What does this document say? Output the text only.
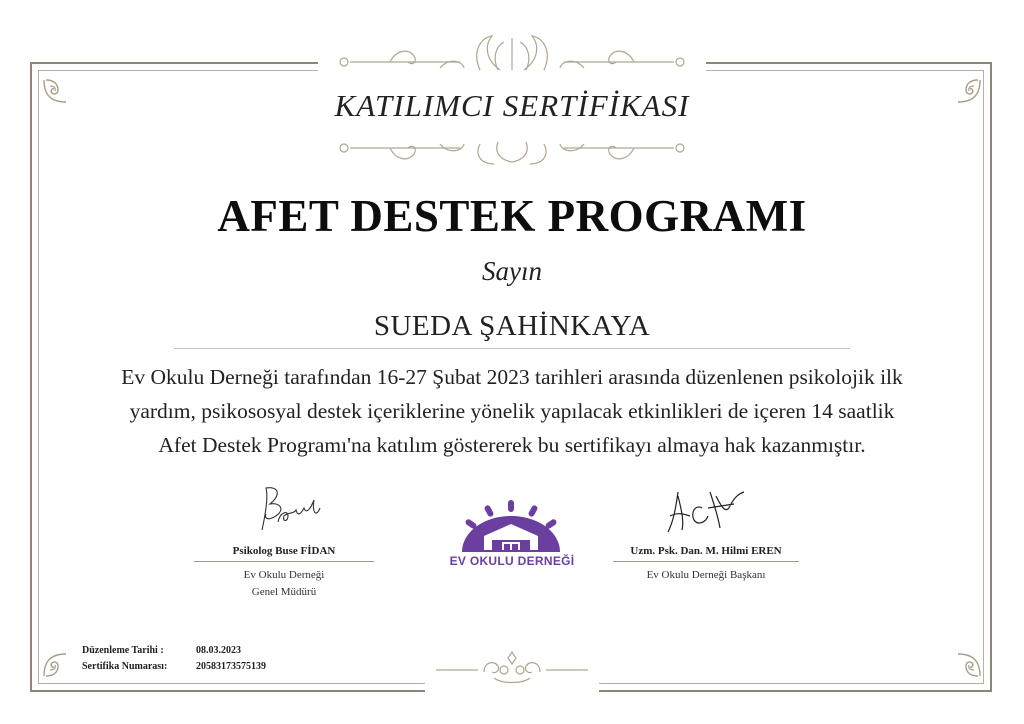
KATILIMCI SERTİFİKASI
AFET DESTEK PROGRAMI
Sayın
SUEDA ŞAHİNKAYA
Ev Okulu Derneği tarafından 16-27 Şubat 2023 tarihleri arasında düzenlenen psikolojik ilk
yardım, psikososyal destek içeriklerine yönelik yapılacak etkinlikleri de içeren 14 saatlik
Afet Destek Programı'na katılım göstererek bu sertifikayı almaya hak kazanmıştır.
Psikolog Buse FİDAN
Ev Okulu Derneği
Genel Müdürü
Uzm. Psk. Dan. M. Hilmi EREN
Ev Okulu Derneği Başkanı
EV OKULU DERNEĞİ
Düzenleme Tarihi :	08.03.2023
Sertifika Numarası:	20583173575139
